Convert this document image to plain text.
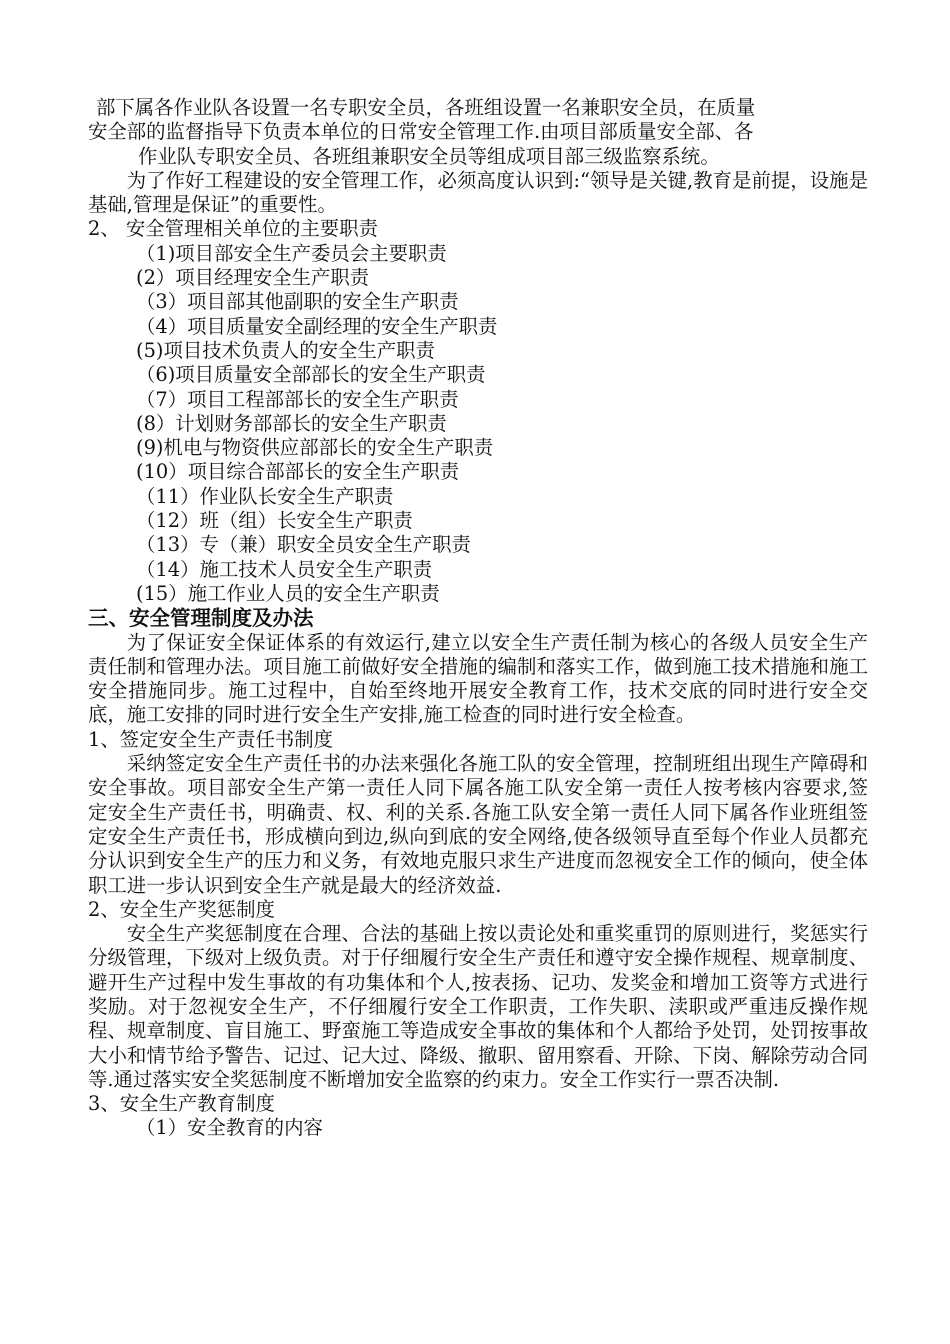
部下属各作业队各设置一名专职安全员，各班组设置一名兼职安全员，在质量
安全部的监督指导下负责本单位的日常安全管理工作.由项目部质量安全部、各
作业队专职安全员、各班组兼职安全员等组成项目部三级监察系统。
为了作好工程建设的安全管理工作，必须高度认识到:“领导是关键,教育是前提，设施是基础,管理是保证”的重要性。
2、 安全管理相关单位的主要职责
（1)项目部安全生产委员会主要职责
(2）项目经理安全生产职责
（3）项目部其他副职的安全生产职责
（4）项目质量安全副经理的安全生产职责
(5)项目技术负责人的安全生产职责
（6)项目质量安全部部长的安全生产职责
（7）项目工程部部长的安全生产职责
(8）计划财务部部长的安全生产职责
(9)机电与物资供应部部长的安全生产职责
(10）项目综合部部长的安全生产职责
（11）作业队长安全生产职责
（12）班（组）长安全生产职责
（13）专（兼）职安全员安全生产职责
（14）施工技术人员安全生产职责
(15）施工作业人员的安全生产职责
三、安全管理制度及办法
为了保证安全保证体系的有效运行,建立以安全生产责任制为核心的各级人员安全生产责任制和管理办法。项目施工前做好安全措施的编制和落实工作，做到施工技术措施和施工安全措施同步。施工过程中，自始至终地开展安全教育工作，技术交底的同时进行安全交底，施工安排的同时进行安全生产安排,施工检查的同时进行安全检查。
1、签定安全生产责任书制度
采纳签定安全生产责任书的办法来强化各施工队的安全管理，控制班组出现生产障碍和安全事故。项目部安全生产第一责任人同下属各施工队安全第一责任人按考核内容要求,签定安全生产责任书，明确责、权、利的关系.各施工队安全第一责任人同下属各作业班组签定安全生产责任书，形成横向到边,纵向到底的安全网络,使各级领导直至每个作业人员都充分认识到安全生产的压力和义务，有效地克服只求生产进度而忽视安全工作的倾向，使全体职工进一步认识到安全生产就是最大的经济效益.
2、安全生产奖惩制度
安全生产奖惩制度在合理、合法的基础上按以责论处和重奖重罚的原则进行，奖惩实行分级管理，下级对上级负责。对于仔细履行安全生产责任和遵守安全操作规程、规章制度、避开生产过程中发生事故的有功集体和个人,按表扬、记功、发奖金和增加工资等方式进行奖励。对于忽视安全生产，不仔细履行安全工作职责，工作失职、渎职或严重违反操作规程、规章制度、盲目施工、野蛮施工等造成安全事故的集体和个人都给予处罚，处罚按事故大小和情节给予警告、记过、记大过、降级、撤职、留用察看、开除、下岗、解除劳动合同等.通过落实安全奖惩制度不断增加安全监察的约束力。安全工作实行一票否决制.
3、安全生产教育制度
（1）安全教育的内容
